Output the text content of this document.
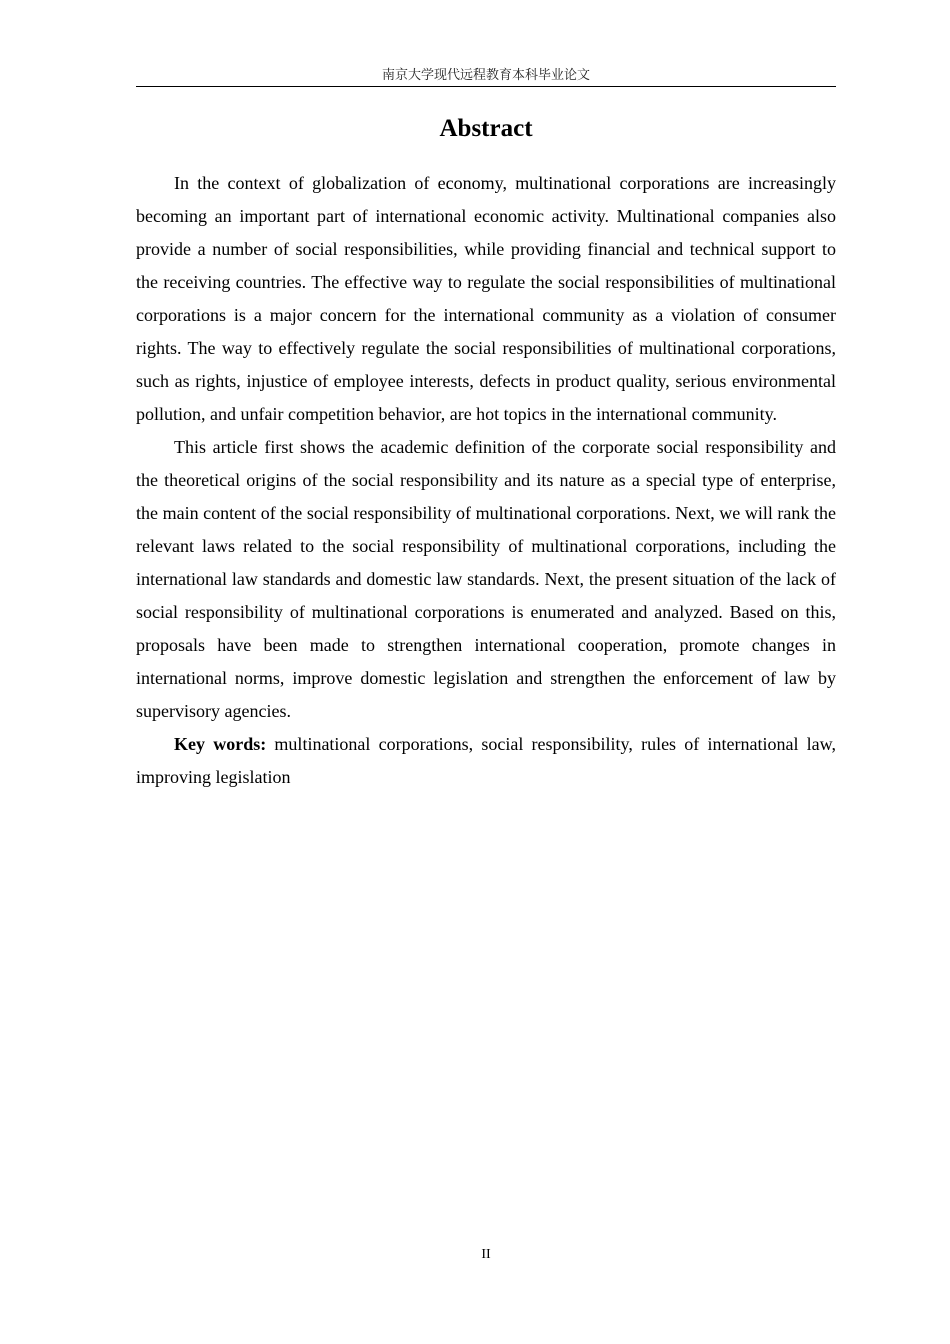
南京大学现代远程教育本科毕业论文
Abstract

In the context of globalization of economy, multinational corporations are increasingly becoming an important part of international economic activity. Multinational companies also provide a number of social responsibilities, while providing financial and technical support to the receiving countries. The effective way to regulate the social responsibilities of multinational corporations is a major concern for the international community as a violation of consumer rights. The way to effectively regulate the social responsibilities of multinational corporations, such as rights, injustice of employee interests, defects in product quality, serious environmental pollution, and unfair competition behavior, are hot topics in the international community.

This article first shows the academic definition of the corporate social responsibility and the theoretical origins of the social responsibility and its nature as a special type of enterprise, the main content of the social responsibility of multinational corporations. Next, we will rank the relevant laws related to the social responsibility of multinational corporations, including the international law standards and domestic law standards. Next, the present situation of the lack of social responsibility of multinational corporations is enumerated and analyzed. Based on this, proposals have been made to strengthen international cooperation, promote changes in international norms, improve domestic legislation and strengthen the enforcement of law by supervisory agencies.

Key words: multinational corporations, social responsibility, rules of international law, improving legislation

II
